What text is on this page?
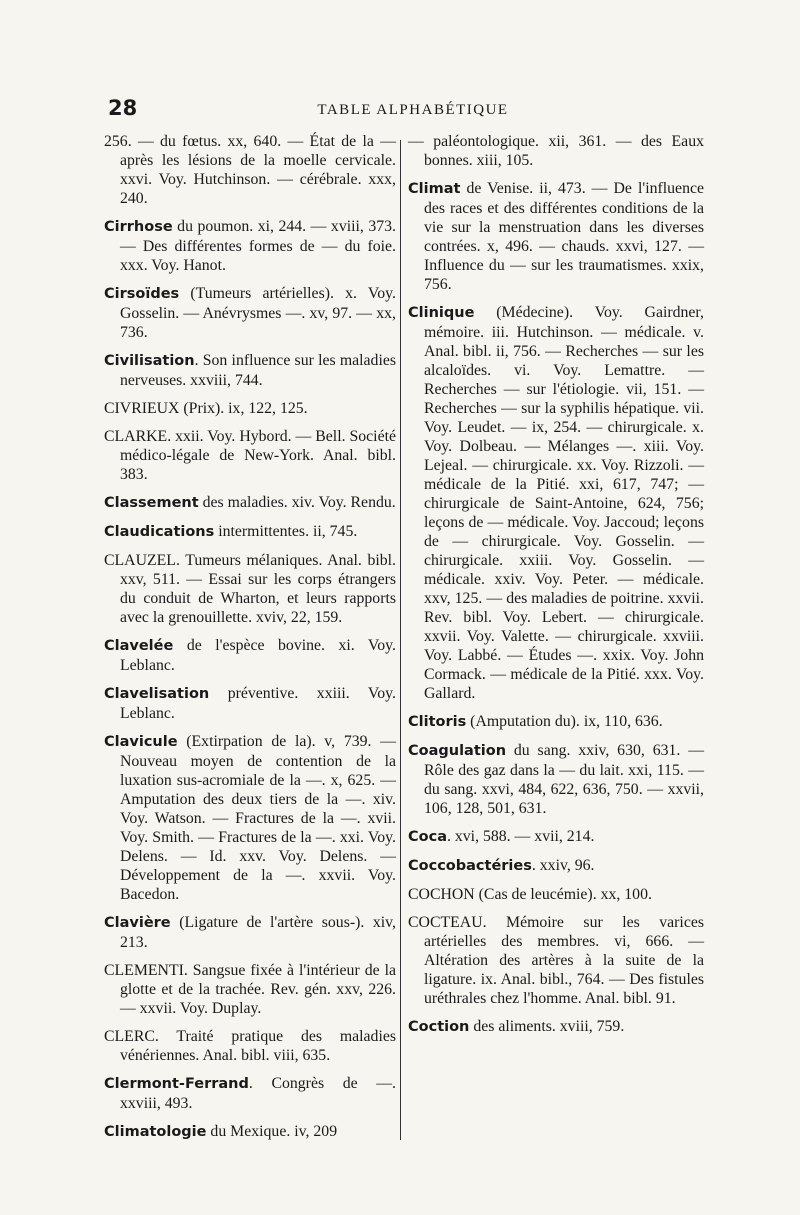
28	TABLE ALPHABÉTIQUE

256. — du fœtus. xx, 640. — État de la — après les lésions de la moelle cervicale. xxvi. Voy. Hutchinson. — cérébrale. xxx, 240.

Cirrhose du poumon. xi, 244. — xviii, 373. — Des différentes formes de — du foie. xxx. Voy. Hanot.

Cirsoïdes (Tumeurs artérielles). x. Voy. Gosselin. — Anévrysmes —. xv, 97. — xx, 736.

Civilisation. Son influence sur les maladies nerveuses. xxviii, 744.

CIVRIEUX (Prix). ix, 122, 125.

CLARKE. xxii. Voy. Hybord. — Bell. Société médico-légale de New-York. Anal. bibl. 383.

Classement des maladies. xiv. Voy. Rendu.

Claudications intermittentes. ii, 745.

CLAUZEL. Tumeurs mélaniques. Anal. bibl. xxv, 511. — Essai sur les corps étrangers du conduit de Wharton, et leurs rapports avec la grenouillette. xviv, 22, 159.

Clavelée de l'espèce bovine. xi. Voy. Leblanc.

Clavelisation préventive. xxiii. Voy. Leblanc.

Clavicule (Extirpation de la). v, 739. — Nouveau moyen de contention de la luxation sus-acromiale de la —. x, 625. — Amputation des deux tiers de la —. xiv. Voy. Watson. — Fractures de la —. xvii. Voy. Smith. — Fractures de la —. xxi. Voy. Delens. — Id. xxv. Voy. Delens. — Développement de la —. xxvii. Voy. Bacedon.

Clavière (Ligature de l'artère sous-). xiv, 213.

CLEMENTI. Sangsue fixée à l'intérieur de la glotte et de la trachée. Rev. gén. xxv, 226. — xxvii. Voy. Duplay.

CLERC. Traité pratique des maladies vénériennes. Anal. bibl. viii, 635.

Clermont-Ferrand. Congrès de —. xxviii, 493.

Climatologie du Mexique. iv, 209

— paléontologique. xii, 361. — des Eaux bonnes. xiii, 105.

Climat de Venise. ii, 473. — De l'influence des races et des différentes conditions de la vie sur la menstruation dans les diverses contrées. x, 496. — chauds. xxvi, 127. — Influence du — sur les traumatismes. xxix, 756.

Clinique (Médecine). Voy. Gairdner, mémoire. iii. Hutchinson. — médicale. v. Anal. bibl. ii, 756. — Recherches — sur les alcaloïdes. vi. Voy. Lemattre. — Recherches — sur l'étiologie. vii, 151. — Recherches — sur la syphilis hépatique. vii. Voy. Leudet. — ix, 254. — chirurgicale. x. Voy. Dolbeau. — Mélanges —. xiii. Voy. Lejeal. — chirurgicale. xx. Voy. Rizzoli. — médicale de la Pitié. xxi, 617, 747; — chirurgicale de Saint-Antoine, 624, 756; leçons de — médicale. Voy. Jaccoud; leçons de — chirurgicale. Voy. Gosselin. — chirurgicale. xxiii. Voy. Gosselin. — médicale. xxiv. Voy. Peter. — médicale. xxv, 125. — des maladies de poitrine. xxvii. Rev. bibl. Voy. Lebert. — chirurgicale. xxvii. Voy. Valette. — chirurgicale. xxviii. Voy. Labbé. — Études —. xxix. Voy. John Cormack. — médicale de la Pitié. xxx. Voy. Gallard.

Clitoris (Amputation du). ix, 110, 636.

Coagulation du sang. xxiv, 630, 631. — Rôle des gaz dans la — du lait. xxi, 115. — du sang. xxvi, 484, 622, 636, 750. — xxvii, 106, 128, 501, 631.

Coca. xvi, 588. — xvii, 214.

Coccobactéries. xxiv, 96.

COCHON (Cas de leucémie). xx, 100.

COCTEAU. Mémoire sur les varices artérielles des membres. vi, 666. — Altération des artères à la suite de la ligature. ix. Anal. bibl., 764. — Des fistules uréthrales chez l'homme. Anal. bibl. 91.

Coction des aliments. xviii, 759.
